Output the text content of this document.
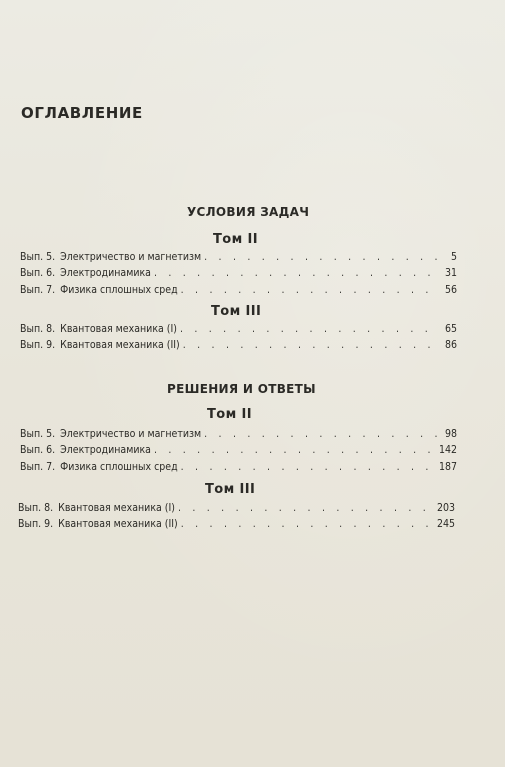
ОГЛАВЛЕНИЕ
УСЛОВИЯ ЗАДАЧ
Том II
Вып. 5. Электричество и магнетизм . . .	5
Вып. 6. Электродинамика . . .	31
Вып. 7. Физика сплошных сред . . .	56
Том III
Вып. 8. Квантовая механика (I) . . .	65
Вып. 9. Квантовая механика (II) . . .	86
РЕШЕНИЯ И ОТВЕТЫ
Том II
Вып. 5. Электричество и магнетизм . . .	98
Вып. 6. Электродинамика . . .	142
Вып. 7. Физика сплошных сред . . .	187
Том III
Вып. 8. Квантовая механика (I) . . .	203
Вып. 9. Квантовая механика (II) . . .	245
